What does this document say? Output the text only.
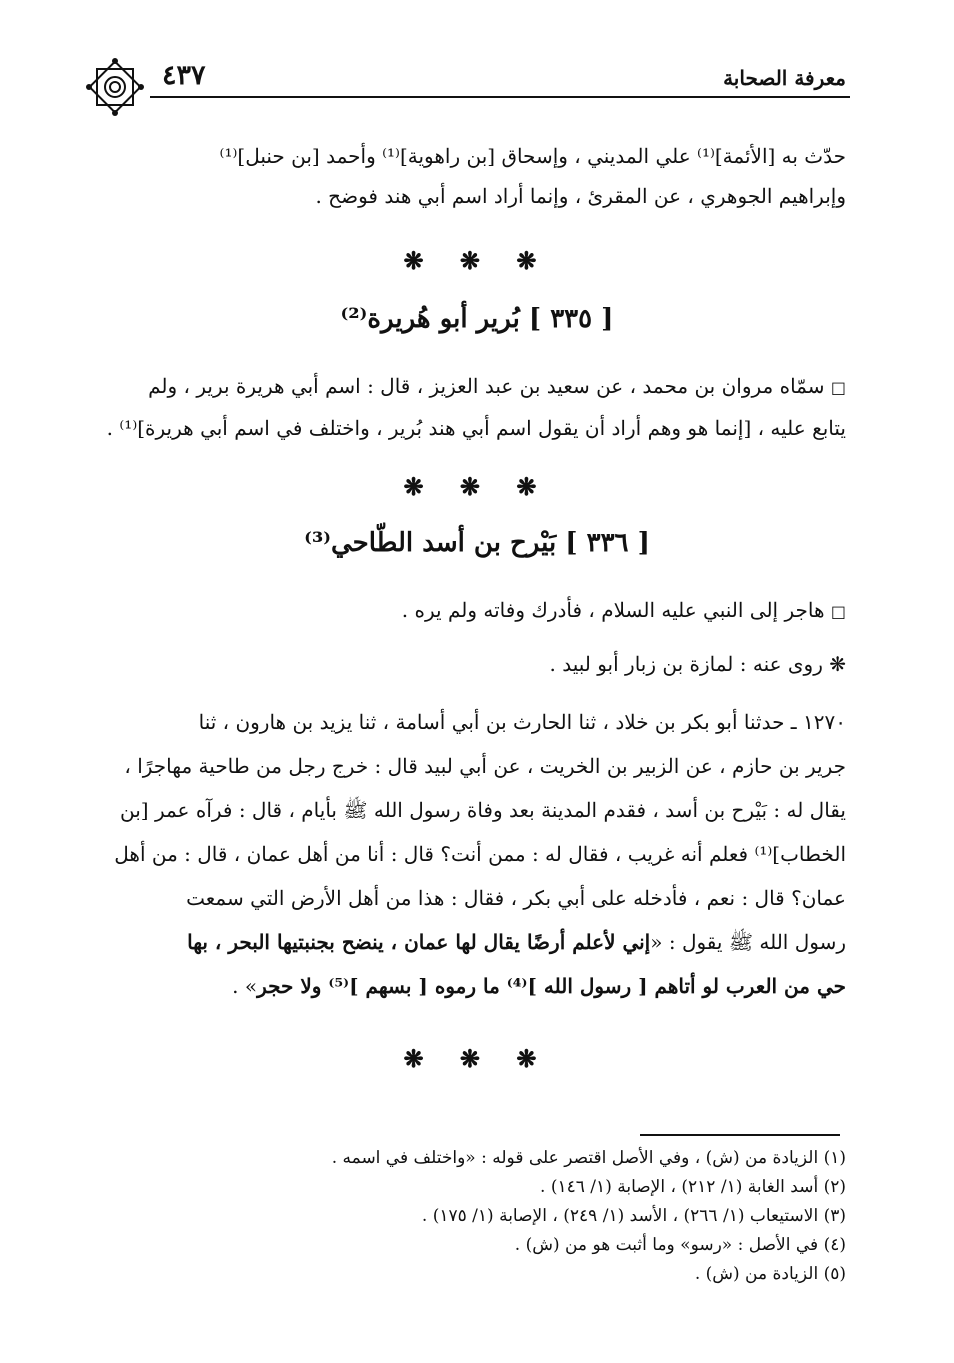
٤٣٧	معرفة الصحابة
حدّث به [الأئمة]⁽¹⁾ علي المديني ، وإسحاق [بن راهوية]⁽¹⁾ وأحمد [بن حنبل]⁽¹⁾
وإبراهيم الجوهري ، عن المقرئ ، وإنما أراد اسم أبي هند فوضح .
❋ ❋ ❋
[ ٣٣٥ ] بُرير أبو هُريرة⁽²⁾
□ سمّاه مروان بن محمد ، عن سعيد بن عبد العزيز ، قال : اسم أبي هريرة برير ، ولم
يتابع عليه ، [إنما هو وهم أراد أن يقول اسم أبي هند بُرير ، واختلف في اسم أبي هريرة]⁽¹⁾ .
❋ ❋ ❋
[ ٣٣٦ ] بَيْرح بن أسد الطّاحي⁽³⁾
□ هاجر إلى النبي عليه السلام ، فأدرك وفاته ولم يره .
❋ روى عنه : لمازة بن زبار أبو لبيد .
١٢٧٠ ـ حدثنا أبو بكر بن خلاد ، ثنا الحارث بن أبي أسامة ، ثنا يزيد بن هارون ، ثنا
جرير بن حازم ، عن الزبير بن الخريت ، عن أبي لبيد قال : خرج رجل من طاحية مهاجرًا ،
يقال له : بَيْرح بن أسد ، فقدم المدينة بعد وفاة رسول الله ﷺ بأيام ، قال : فرآه عمر [بن
الخطاب]⁽¹⁾ فعلم أنه غريب ، فقال له : ممن أنت؟ قال : أنا من أهل عمان ، قال : من أهل
عمان؟ قال : نعم ، فأدخله على أبي بكر ، فقال : هذا من أهل الأرض التي سمعت
رسول الله ﷺ يقول : «إني لأعلم أرضًا يقال لها عمان ، ينضح بجنبتيها البحر ، بها
حي من العرب لو أتاهم [ رسول الله ]⁽⁴⁾ ما رموه [ بسهم ]⁽⁵⁾ ولا حجر» .
❋ ❋ ❋
(١) الزيادة من (ش) ، وفي الأصل اقتصر على قوله : «واختلف في اسمه .
(٢) أسد الغابة (١/ ٢١٢) ، الإصابة (١/ ١٤٦) .
(٣) الاستيعاب (١/ ٢٦٦) ، الأسد (١/ ٢٤٩) ، الإصابة (١/ ١٧٥) .
(٤) في الأصل : «رسو» وما أثبت هو من (ش) .
(٥) الزيادة من (ش) .
